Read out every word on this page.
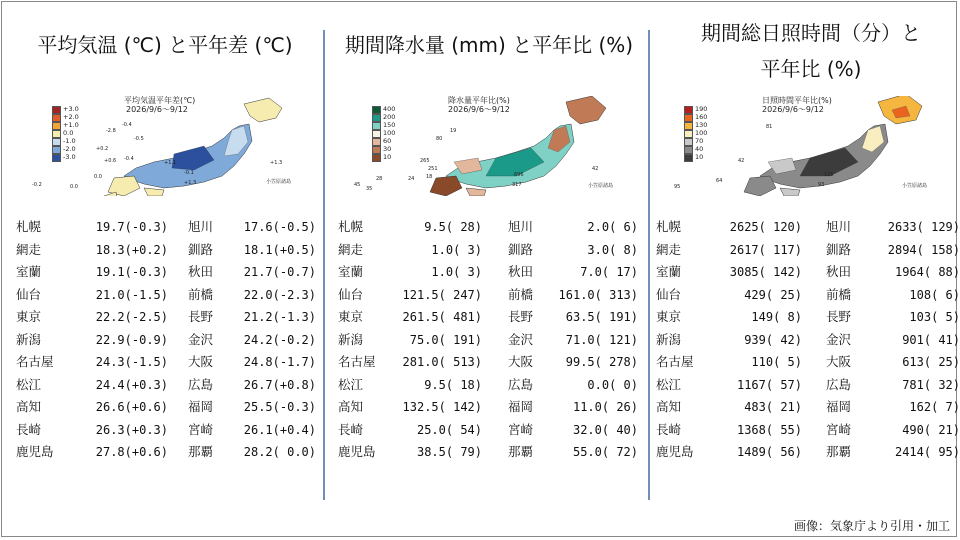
平均気温 (℃) と平年差 (℃)
平均気温平年差(℃)
2026/9/6～9/12
+3.0
+2.0
+1.0
0.0
-1.0
-2.0
-3.0
-0.4
-2.8
-0.5
+0.2
-0.4
+0.6	+1.1
-0.1
-0.2	0.0
0.0
+1.3
+1.3	小笠原諸島
札幌	19.7(-0.3) 旭川	17.6(-0.5)
網走	18.3(+0.2) 釧路	18.1(+0.5)
室蘭	19.1(-0.3) 秋田	21.7(-0.7)
仙台	21.0(-1.5) 前橋	22.0(-2.3)
東京	22.2(-2.5) 長野	21.2(-1.3)
新潟	22.9(-0.9) 金沢	24.2(-0.2)
名古屋	24.3(-1.5) 大阪	24.8(-1.7)
松江	24.4(+0.3) 広島	26.7(+0.8)
高知	26.6(+0.6) 福岡	25.5(-0.3)
長崎	26.3(+0.3) 宮崎	26.1(+0.4)
鹿児島	27.8(+0.6) 那覇	28.2( 0.0)
期間降水量 (mm) と平年比 (%)
降水量平年比(%)
2026/9/6～9/12
400
200
150
100
60
30
10
19
80
265
251
18
24
45
35
28
696
317
42
小笠原諸島
札幌	9.5( 28) 旭川	2.0( 6)
網走	1.0( 3) 釧路	3.0( 8)
室蘭	1.0( 3) 秋田	7.0( 17)
仙台	121.5( 247) 前橋	161.0( 313)
東京	261.5( 481) 長野	63.5( 191)
新潟	75.0( 191) 金沢	71.0( 121)
名古屋	281.0( 513) 大阪	99.5( 278)
松江	9.5( 18) 広島	0.0( 0)
高知	132.5( 142) 福岡	11.0( 26)
長崎	25.0( 54) 宮崎	32.0( 40)
鹿児島	38.5( 79) 那覇	55.0( 72)
期間総日照時間（分）と
平年比 (%)
日照時間平年比(%)
2026/9/6～9/12
190
160
130
100
70
40
10
81
42
95
64
125
93	小笠原諸島
札幌	2625( 120) 旭川	2633( 129)
網走	2617( 117) 釧路	2894( 158)
室蘭	3085( 142) 秋田	1964( 88)
仙台	429( 25) 前橋	108( 6)
東京	149( 8) 長野	103( 5)
新潟	939( 42) 金沢	901( 41)
名古屋	110( 5) 大阪	613( 25)
松江	1167( 57) 広島	781( 32)
高知	483( 21) 福岡	162( 7)
長崎	1368( 55) 宮崎	490( 21)
鹿児島	1489( 56) 那覇	2414( 95)
画像：気象庁より引用・加工
